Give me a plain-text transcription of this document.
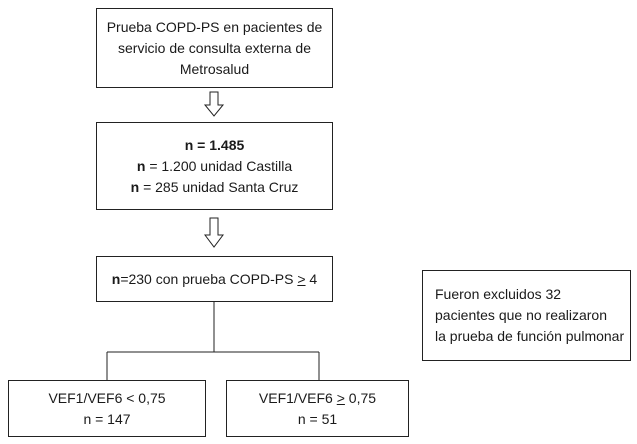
Prueba COPD-PS en pacientes de
servicio de consulta externa de
Metrosalud
n = 1.485
n = 1.200 unidad Castilla
n = 285 unidad Santa Cruz
n=230 con prueba COPD-PS ≥ 4
Fueron excluidos 32
pacientes que no realizaron
la prueba de función pulmonar
VEF1/VEF6 < 0,75
n = 147
VEF1/VEF6 ≥ 0,75
n = 51
